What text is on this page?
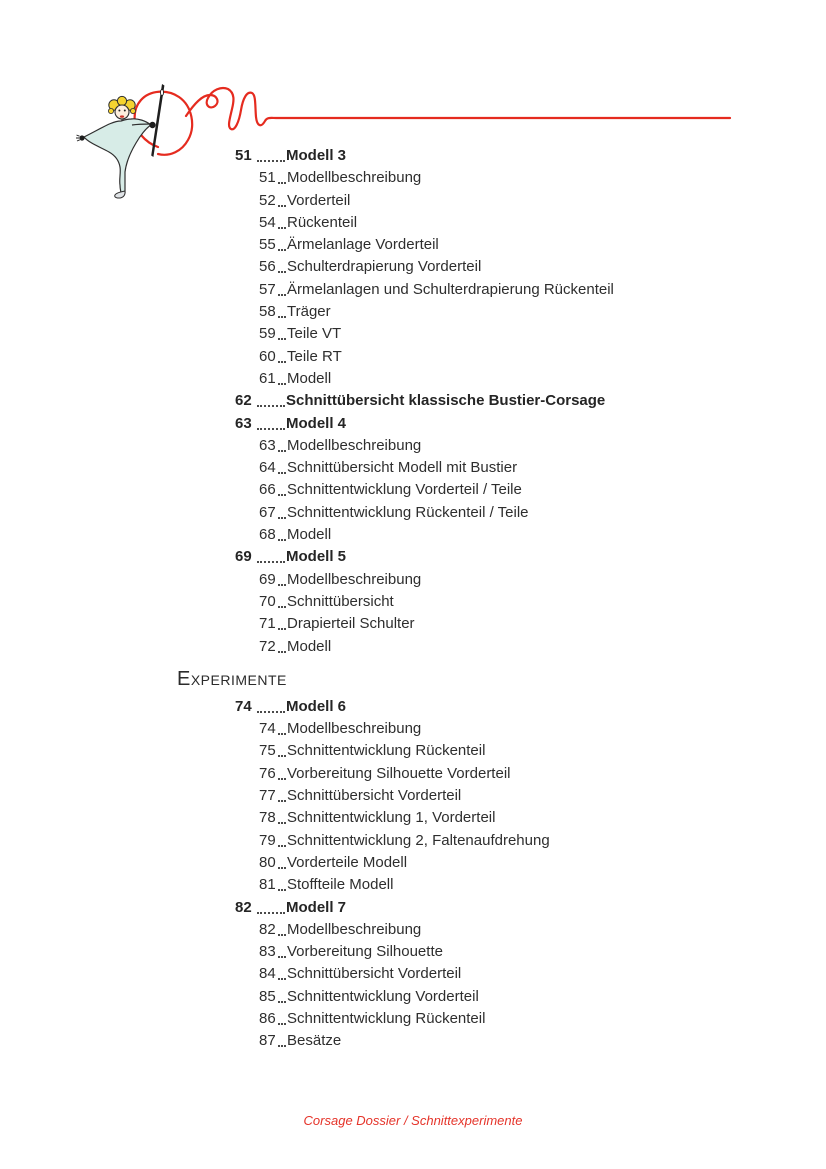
51 Modell 3
51 Modellbeschreibung
52 Vorderteil
54 Rückenteil
55 Ärmelanlage Vorderteil
56 Schulterdrapierung Vorderteil
57 Ärmelanlagen und Schulterdrapierung Rückenteil
58 Träger
59 Teile VT
60 Teile RT
61 Modell
62 Schnittübersicht klassische Bustier-Corsage
63 Modell 4
63 Modellbeschreibung
64 Schnittübersicht Modell mit Bustier
66 Schnittentwicklung Vorderteil / Teile
67 Schnittentwicklung Rückenteil / Teile
68 Modell
69 Modell 5
69 Modellbeschreibung
70 Schnittübersicht
71 Drapierteil Schulter
72 Modell
Experimente
74 Modell 6
74 Modellbeschreibung
75 Schnittentwicklung Rückenteil
76 Vorbereitung Silhouette Vorderteil
77 Schnittübersicht Vorderteil
78 Schnittentwicklung 1, Vorderteil
79 Schnittentwicklung 2, Faltenaufdrehung
80 Vorderteile Modell
81 Stoffteile Modell
82 Modell 7
82 Modellbeschreibung
83 Vorbereitung Silhouette
84 Schnittübersicht Vorderteil
85 Schnittentwicklung Vorderteil
86 Schnittentwicklung Rückenteil
87 Besätze
Corsage Dossier / Schnittexperimente
